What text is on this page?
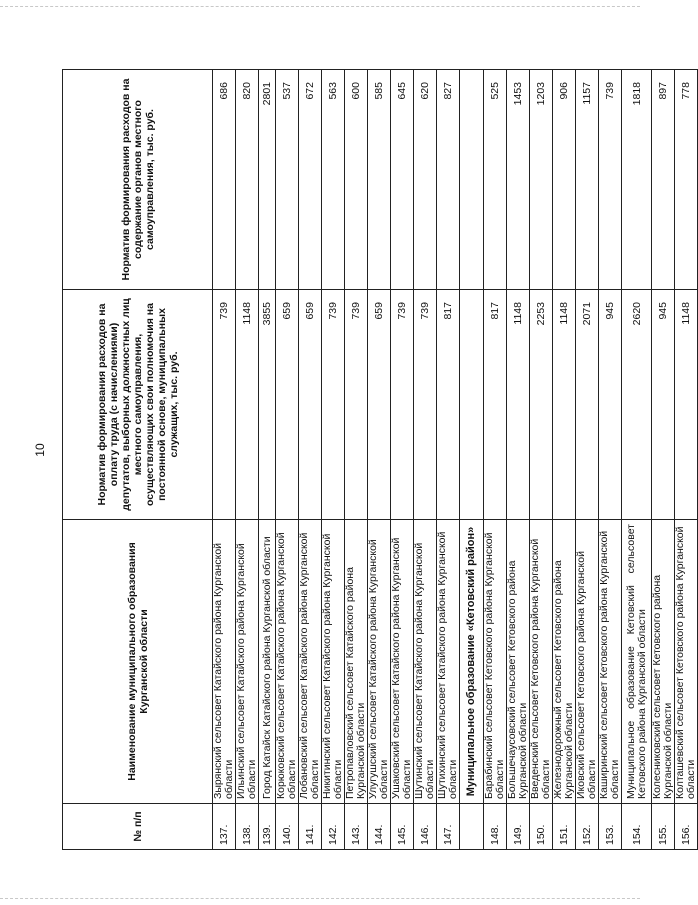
10
№ п/п	Наименование муниципального образования Курганской области	Норматив формирования расходов на оплату труда (с начислениями) депутатов, выборных должностных лиц местного самоуправления, осуществляющих свои полномочия на постоянной основе, муниципальных служащих, тыс. руб.	Норматив формирования расходов на содержание органов местного самоуправления, тыс. руб.
137.	Зырянский сельсовет Катайского района Курганской области	739	686
138.	Ильинский сельсовет Катайского района Курганской области	1148	820
139.	Город Катайск Катайского района Курганской области	3855	2801
140.	Корюковский сельсовет Катайского района Курганской области	659	537
141.	Лобановский сельсовет Катайского района Курганской области	659	672
142.	Никитинский сельсовет Катайского района Курганской области	739	563
143.	Петропавловский сельсовет Катайского района Курганской области	739	600
144.	Улугушский сельсовет Катайского района Курганской области	659	585
145.	Ушаковский сельсовет Катайского района Курганской области	739	645
146.	Шутинский сельсовет Катайского района Курганской области	739	620
147.	Шутихинский сельсовет Катайского района Курганской области	817	827
	Муниципальное образование «Кетовский район»		
148.	Барабинский сельсовет Кетовского района Курганской области	817	525
149.	Большечаусовский сельсовет Кетовского района Курганской области	1148	1453
150.	Введенский сельсовет Кетовского района Курганской области	2253	1203
151.	Железнодорожный сельсовет Кетовского района Курганской области	1148	906
152.	Иковский сельсовет Кетовского района Курганской области	2071	1157
153.	Каширинский сельсовет Кетовского района Курганской области	945	739
154.	Муниципальное образование Кетовский сельсовет Кетовского района Курганской области	2620	1818
155.	Колесниковский сельсовет Кетовского района Курганской области	945	897
156.	Колташевский сельсовет Кетовского района Курганской области	1148	778
